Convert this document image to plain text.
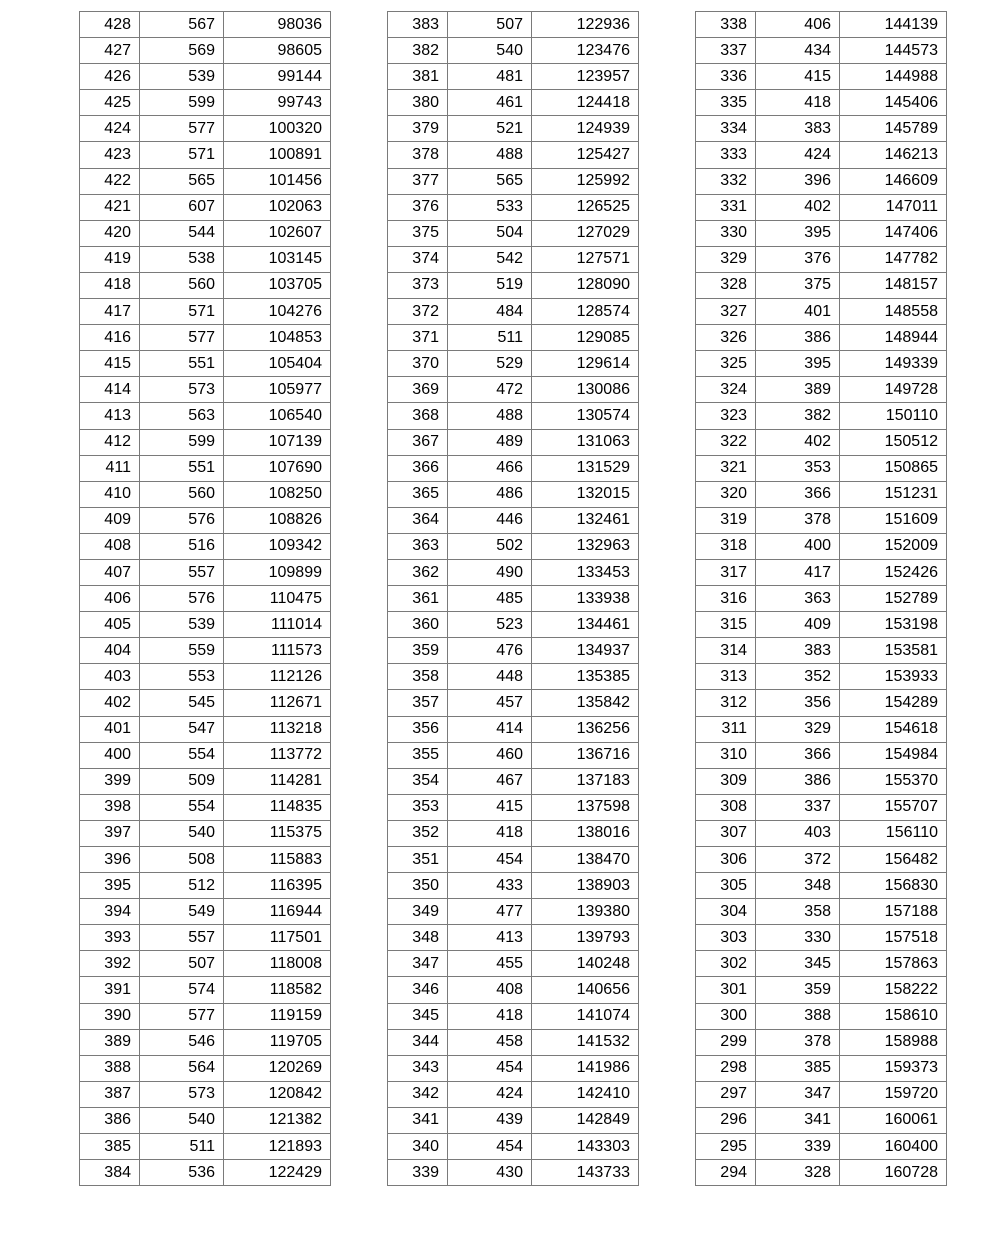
428	567	98036
427	569	98605
426	539	99144
425	599	99743
424	577	100320
423	571	100891
422	565	101456
421	607	102063
420	544	102607
419	538	103145
418	560	103705
417	571	104276
416	577	104853
415	551	105404
414	573	105977
413	563	106540
412	599	107139
411	551	107690
410	560	108250
409	576	108826
408	516	109342
407	557	109899
406	576	110475
405	539	111014
404	559	111573
403	553	112126
402	545	112671
401	547	113218
400	554	113772
399	509	114281
398	554	114835
397	540	115375
396	508	115883
395	512	116395
394	549	116944
393	557	117501
392	507	118008
391	574	118582
390	577	119159
389	546	119705
388	564	120269
387	573	120842
386	540	121382
385	511	121893
384	536	122429
383	507	122936
382	540	123476
381	481	123957
380	461	124418
379	521	124939
378	488	125427
377	565	125992
376	533	126525
375	504	127029
374	542	127571
373	519	128090
372	484	128574
371	511	129085
370	529	129614
369	472	130086
368	488	130574
367	489	131063
366	466	131529
365	486	132015
364	446	132461
363	502	132963
362	490	133453
361	485	133938
360	523	134461
359	476	134937
358	448	135385
357	457	135842
356	414	136256
355	460	136716
354	467	137183
353	415	137598
352	418	138016
351	454	138470
350	433	138903
349	477	139380
348	413	139793
347	455	140248
346	408	140656
345	418	141074
344	458	141532
343	454	141986
342	424	142410
341	439	142849
340	454	143303
339	430	143733
338	406	144139
337	434	144573
336	415	144988
335	418	145406
334	383	145789
333	424	146213
332	396	146609
331	402	147011
330	395	147406
329	376	147782
328	375	148157
327	401	148558
326	386	148944
325	395	149339
324	389	149728
323	382	150110
322	402	150512
321	353	150865
320	366	151231
319	378	151609
318	400	152009
317	417	152426
316	363	152789
315	409	153198
314	383	153581
313	352	153933
312	356	154289
311	329	154618
310	366	154984
309	386	155370
308	337	155707
307	403	156110
306	372	156482
305	348	156830
304	358	157188
303	330	157518
302	345	157863
301	359	158222
300	388	158610
299	378	158988
298	385	159373
297	347	159720
296	341	160061
295	339	160400
294	328	160728
